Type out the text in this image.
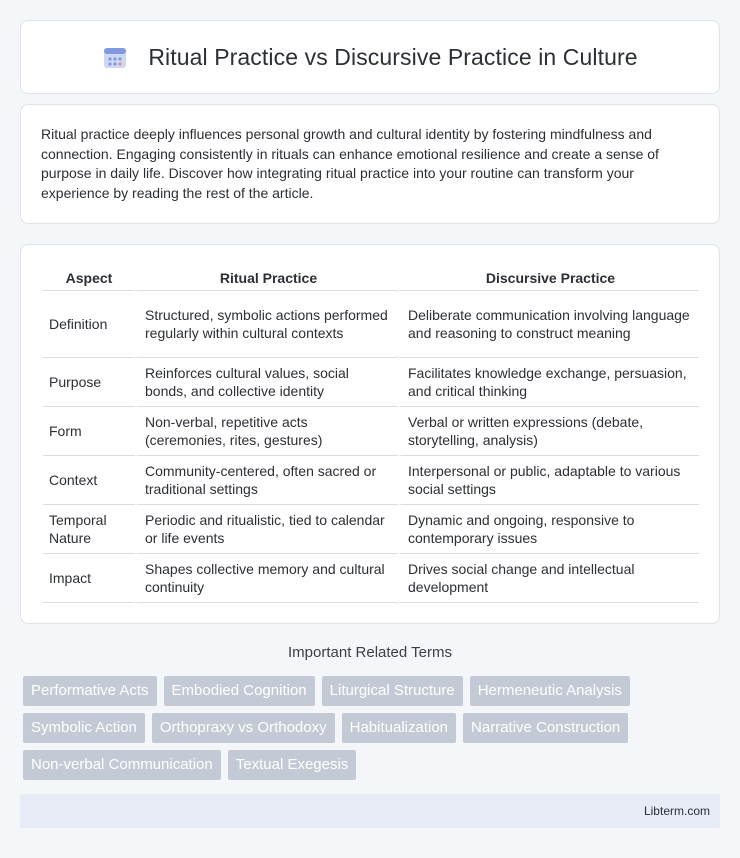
Ritual Practice vs Discursive Practice in Culture

Ritual practice deeply influences personal growth and cultural identity by fostering mindfulness and connection. Engaging consistently in rituals can enhance emotional resilience and create a sense of purpose in daily life. Discover how integrating ritual practice into your routine can transform your experience by reading the rest of the article.

Aspect	Ritual Practice	Discursive Practice
Definition	Structured, symbolic actions performed regularly within cultural contexts	Deliberate communication involving language and reasoning to construct meaning
Purpose	Reinforces cultural values, social bonds, and collective identity	Facilitates knowledge exchange, persuasion, and critical thinking
Form	Non-verbal, repetitive acts (ceremonies, rites, gestures)	Verbal or written expressions (debate, storytelling, analysis)
Context	Community-centered, often sacred or traditional settings	Interpersonal or public, adaptable to various social settings
Temporal Nature	Periodic and ritualistic, tied to calendar or life events	Dynamic and ongoing, responsive to contemporary issues
Impact	Shapes collective memory and cultural continuity	Drives social change and intellectual development
Important Related Terms
Performative Acts	Embodied Cognition	Liturgical Structure	Hermeneutic Analysis
Symbolic Action	Orthopraxy vs Orthodoxy	Habitualization	Narrative Construction
Non-verbal Communication	Textual Exegesis
Libterm.com
